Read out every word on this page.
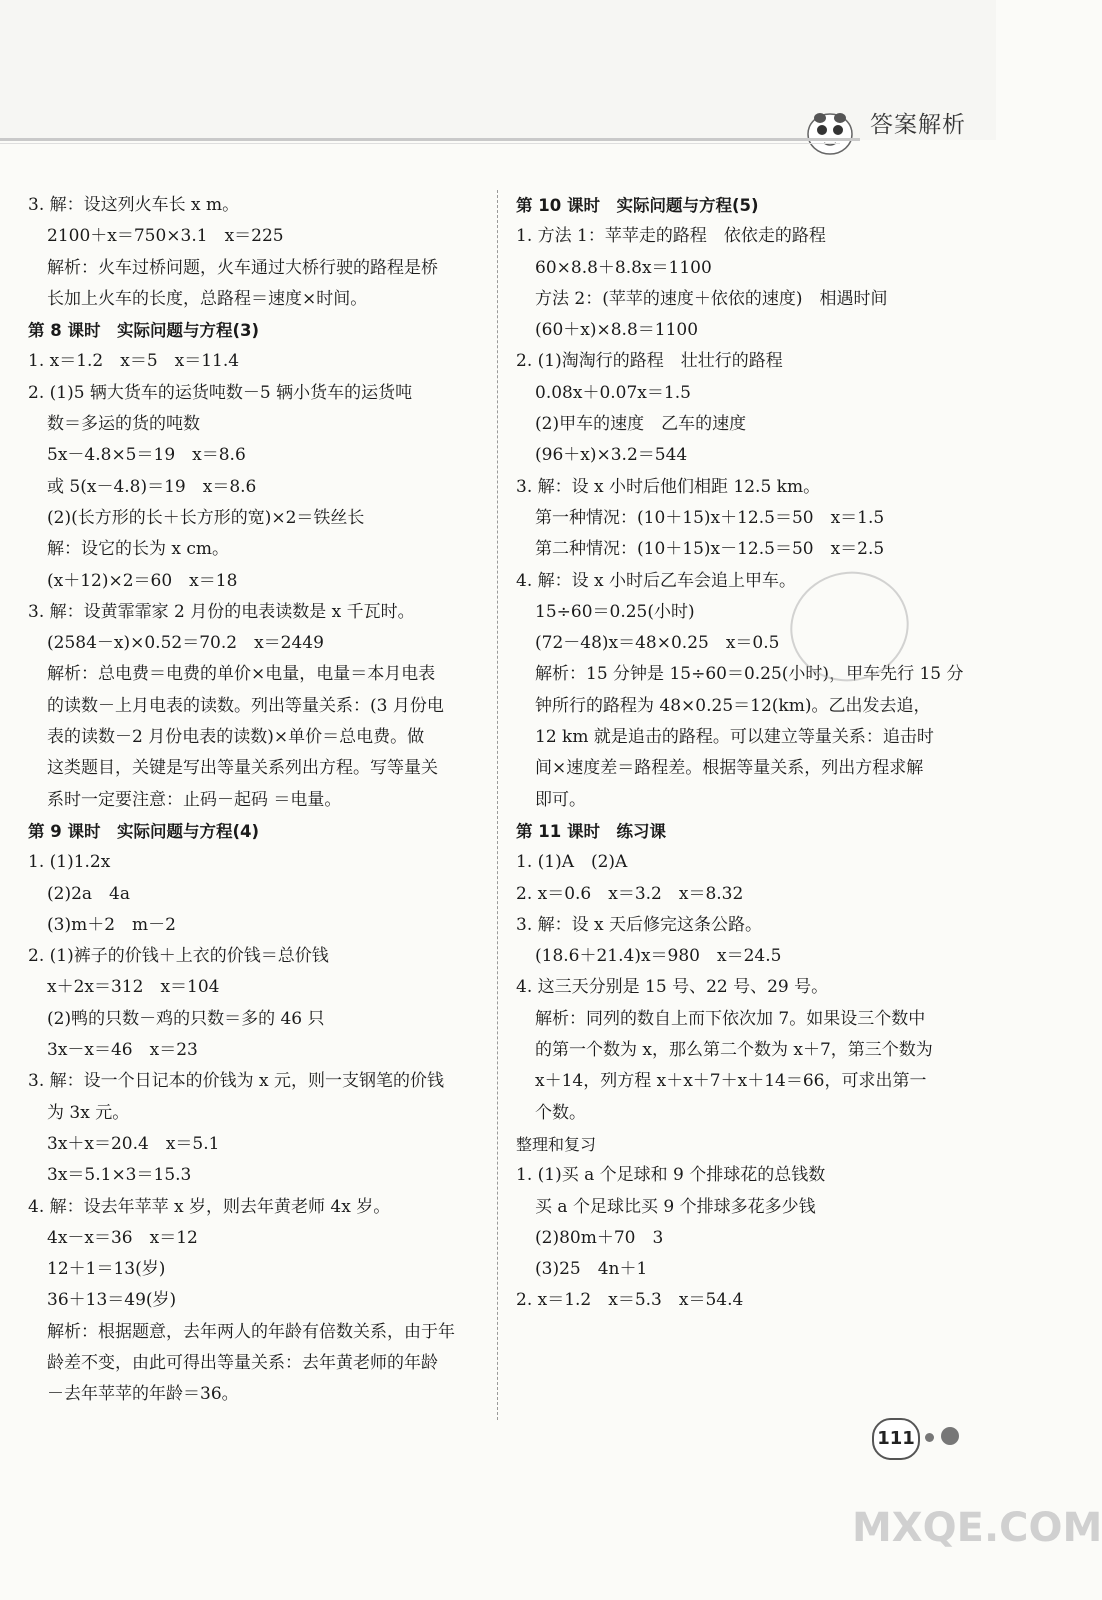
答案解析
3. 解：设这列火车长 x m。
2100＋x＝750×3.1　x＝225
解析：火车过桥问题，火车通过大桥行驶的路程是桥
长加上火车的长度，总路程＝速度×时间。
第 8 课时　实际问题与方程(3)
1. x＝1.2　x＝5　x＝11.4
2. (1)5 辆大货车的运货吨数－5 辆小货车的运货吨
数＝多运的货的吨数
5x－4.8×5＝19　x＝8.6
或 5(x－4.8)＝19　x＝8.6
(2)(长方形的长＋长方形的宽)×2＝铁丝长
解：设它的长为 x cm。
(x＋12)×2＝60　x＝18
3. 解：设黄霏霏家 2 月份的电表读数是 x 千瓦时。
(2584－x)×0.52＝70.2　x＝2449
解析：总电费＝电费的单价×电量，电量＝本月电表
的读数－上月电表的读数。列出等量关系：(3 月份电
表的读数－2 月份电表的读数)×单价＝总电费。做
这类题目，关键是写出等量关系列出方程。写等量关
系时一定要注意：止码－起码 ＝电量。
第 9 课时　实际问题与方程(4)
1. (1)1.2x
(2)2a　4a
(3)m＋2　m－2
2. (1)裤子的价钱＋上衣的价钱＝总价钱
x＋2x＝312　x＝104
(2)鸭的只数－鸡的只数＝多的 46 只
3x－x＝46　x＝23
3. 解：设一个日记本的价钱为 x 元，则一支钢笔的价钱
为 3x 元。
3x＋x＝20.4　x＝5.1
3x＝5.1×3＝15.3
4. 解：设去年苹苹 x 岁，则去年黄老师 4x 岁。
4x－x＝36　x＝12
12＋1＝13(岁)
36＋13＝49(岁)
解析：根据题意，去年两人的年龄有倍数关系，由于年
龄差不变，由此可得出等量关系：去年黄老师的年龄
－去年苹苹的年龄＝36。
第 10 课时　实际问题与方程(5)
1. 方法 1：苹苹走的路程　依依走的路程
60×8.8＋8.8x＝1100
方法 2：(苹苹的速度＋依依的速度)　相遇时间
(60＋x)×8.8＝1100
2. (1)淘淘行的路程　壮壮行的路程
0.08x＋0.07x＝1.5
(2)甲车的速度　乙车的速度
(96＋x)×3.2＝544
3. 解：设 x 小时后他们相距 12.5 km。
第一种情况：(10＋15)x＋12.5＝50　x＝1.5
第二种情况：(10＋15)x－12.5＝50　x＝2.5
4. 解：设 x 小时后乙车会追上甲车。
15÷60＝0.25(小时)
(72－48)x＝48×0.25　x＝0.5
解析：15 分钟是 15÷60＝0.25(小时)，甲车先行 15 分
钟所行的路程为 48×0.25＝12(km)。乙出发去追，
12 km 就是追击的路程。可以建立等量关系：追击时
间×速度差＝路程差。根据等量关系，列出方程求解
即可。
第 11 课时　练习课
1. (1)A　(2)A
2. x＝0.6　x＝3.2　x＝8.32
3. 解：设 x 天后修完这条公路。
(18.6＋21.4)x＝980　x＝24.5
4. 这三天分别是 15 号、22 号、29 号。
解析：同列的数自上而下依次加 7。如果设三个数中
的第一个数为 x，那么第二个数为 x＋7，第三个数为
x＋14，列方程 x＋x＋7＋x＋14＝66，可求出第一
个数。
整理和复习
1. (1)买 a 个足球和 9 个排球花的总钱数
买 a 个足球比买 9 个排球多花多少钱
(2)80m＋70　3
(3)25　4n＋1
2. x＝1.2　x＝5.3　x＝54.4
111
MXQE.COM
